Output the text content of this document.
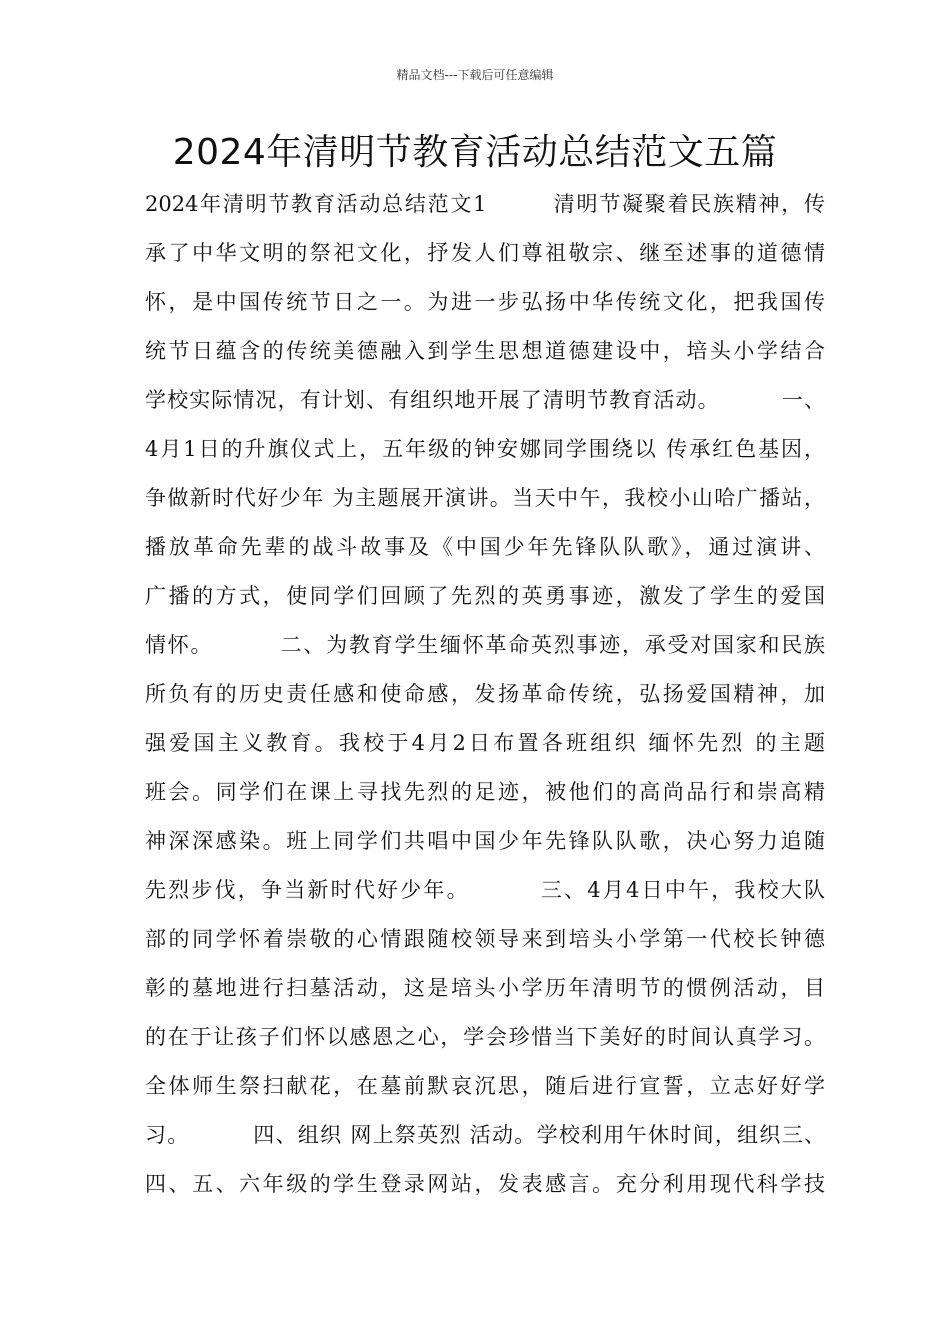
精品文档---下载后可任意编辑
2024年清明节教育活动总结范文五篇
2024年清明节教育活动总结范文1        清明节凝聚着民族精神，传
承了中华文明的祭祀文化，抒发人们尊祖敬宗、继至述事的道德情
怀，是中国传统节日之一。为进一步弘扬中华传统文化，把我国传
统节日蕴含的传统美德融入到学生思想道德建设中，培头小学结合
学校实际情况，有计划、有组织地开展了清明节教育活动。        一、
4月1日的升旗仪式上，五年级的钟安娜同学围绕以 传承红色基因，
争做新时代好少年 为主题展开演讲。当天中午，我校小山哈广播站，
播放革命先辈的战斗故事及《中国少年先锋队队歌》，通过演讲、
广播的方式，使同学们回顾了先烈的英勇事迹，激发了学生的爱国
情怀。        二、为教育学生缅怀革命英烈事迹，承受对国家和民族
所负有的历史责任感和使命感，发扬革命传统，弘扬爱国精神，加
强爱国主义教育。我校于4月2日布置各班组织 缅怀先烈 的主题
班会。同学们在课上寻找先烈的足迹，被他们的高尚品行和崇高精
神深深感染。班上同学们共唱中国少年先锋队队歌，决心努力追随
先烈步伐，争当新时代好少年。        三、4月4日中午，我校大队
部的同学怀着崇敬的心情跟随校领导来到培头小学第一代校长钟德
彰的墓地进行扫墓活动，这是培头小学历年清明节的惯例活动，目
的在于让孩子们怀以感恩之心，学会珍惜当下美好的时间认真学习。
全体师生祭扫献花，在墓前默哀沉思，随后进行宣誓，立志好好学
习。        四、组织 网上祭英烈 活动。学校利用午休时间，组织三、
四、五、六年级的学生登录网站，发表感言。充分利用现代科学技
